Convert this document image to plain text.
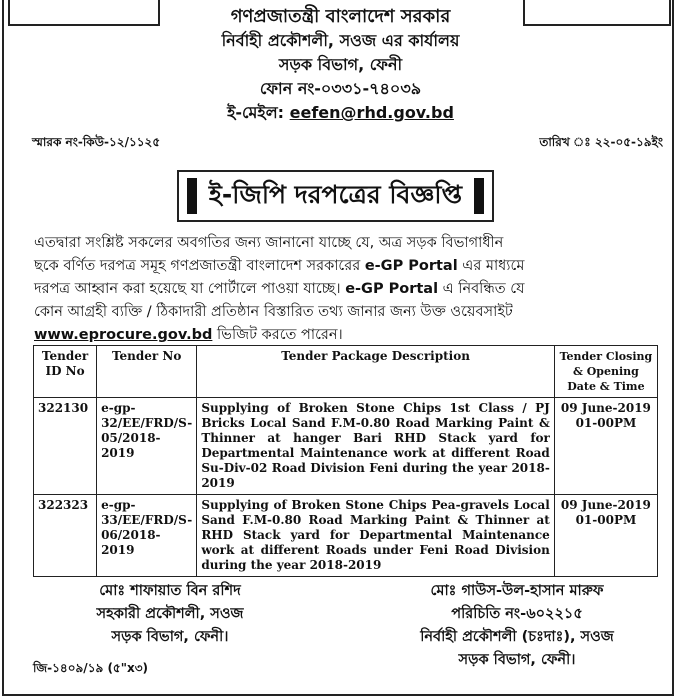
গণপ্রজাতন্ত্রী বাংলাদেশ সরকার
নির্বাহী প্রকৌশলী, সওজ এর কার্যালয়
সড়ক বিভাগ, ফেনী
ফোন নং-০৩৩১-৭৪০৩৯
ই-মেইল: eefen@rhd.gov.bd
স্মারক নং-কিউ-১২/১১২৫	তারিখ ঃ ২২-০৫-১৯ইং
ই-জিপি দরপত্রের বিজ্ঞপ্তি
এতদ্বারা সংশ্লিষ্ট সকলের অবগতির জন্য জানানো যাচ্ছে যে, অত্র সড়ক বিভাগাধীন
ছকে বর্ণিত দরপত্র সমূহ গণপ্রজাতন্ত্রী বাংলাদেশ সরকারের e-GP Portal এর মাধ্যমে
দরপত্র আহ্বান করা হয়েছে যা পোর্টালে পাওয়া যাচ্ছে। e-GP Portal এ নিবন্ধিত যে
কোন আগ্রহী ব্যক্তি / ঠিকাদারী প্রতিষ্ঠান বিস্তারিত তথ্য জানার জন্য উক্ত ওয়েবসাইট
www.eprocure.gov.bd ভিজিট করতে পারেন।
Tender ID No	Tender No	Tender Package Description	Tender Closing & Opening Date & Time
322130	e-gp-32/EE/FRD/S-05/2018-2019	Supplying of Broken Stone Chips 1st Class / PJ Bricks Local Sand F.M-0.80 Road Marking Paint & Thinner at hanger Bari RHD Stack yard for Departmental Maintenance work at different Road Su-Div-02 Road Division Feni during the year 2018-2019	09 June-2019
01-00PM

322323	e-gp-33/EE/FRD/S-06/2018-2019	Supplying of Broken Stone Chips Pea-gravels Local Sand F.M-0.80 Road Marking Paint & Thinner at RHD Stack yard for Departmental Maintenance work at different Roads under Feni Road Division during the year 2018-2019	09 June-2019
01-00PM
মোঃ শাফায়াত বিন রশিদ
সহকারী প্রকৌশলী, সওজ
সড়ক বিভাগ, ফেনী।
মোঃ গাউস-উল-হাসান মারুফ
পরিচিতি নং-৬০২২১৫
নির্বাহী প্রকৌশলী (চঃদাঃ), সওজ
সড়ক বিভাগ, ফেনী।
জি-১৪০৯/১৯ (৫"x৩)
